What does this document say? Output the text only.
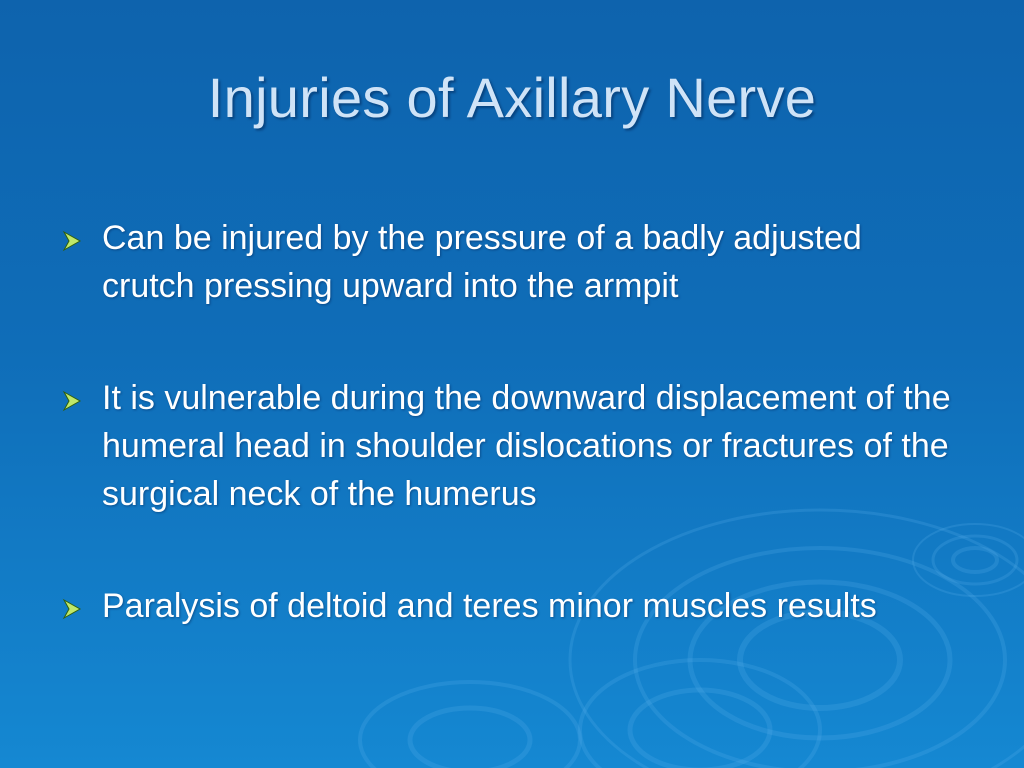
Injuries of Axillary Nerve
Can be injured by the pressure of a badly adjusted crutch pressing upward into the armpit
It is vulnerable during the downward displacement of the humeral head in shoulder dislocations or fractures of the surgical neck of the humerus
Paralysis of deltoid and teres minor muscles results
